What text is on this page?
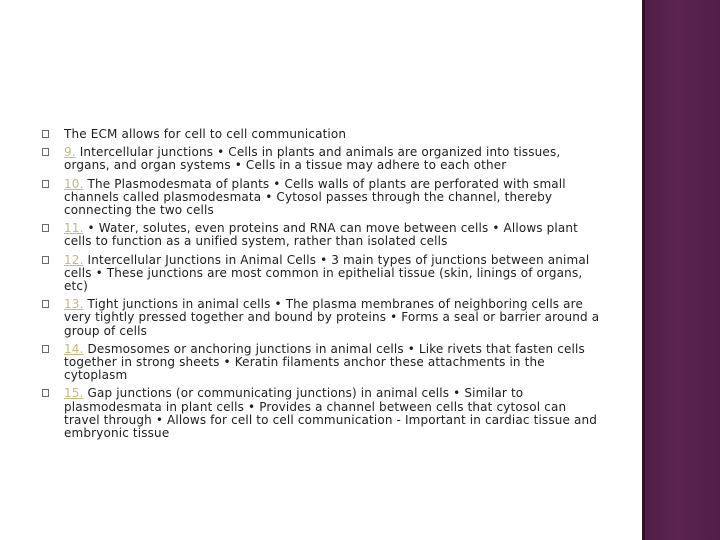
The ECM allows for cell to cell communication
9. Intercellular junctions • Cells in plants and animals are organized into tissues, organs, and organ systems • Cells in a tissue may adhere to each other
10. The Plasmodesmata of plants • Cells walls of plants are perforated with small channels called plasmodesmata • Cytosol passes through the channel, thereby connecting the two cells
11. • Water, solutes, even proteins and RNA can move between cells • Allows plant cells to function as a unified system, rather than isolated cells
12. Intercellular Junctions in Animal Cells • 3 main types of junctions between animal cells • These junctions are most common in epithelial tissue (skin, linings of organs, etc)
13. Tight junctions in animal cells • The plasma membranes of neighboring cells are very tightly pressed together and bound by proteins • Forms a seal or barrier around a group of cells
14. Desmosomes or anchoring junctions in animal cells • Like rivets that fasten cells together in strong sheets • Keratin filaments anchor these attachments in the cytoplasm
15. Gap junctions (or communicating junctions) in animal cells • Similar to plasmodesmata in plant cells • Provides a channel between cells that cytosol can travel through • Allows for cell to cell communication - Important in cardiac tissue and embryonic tissue
